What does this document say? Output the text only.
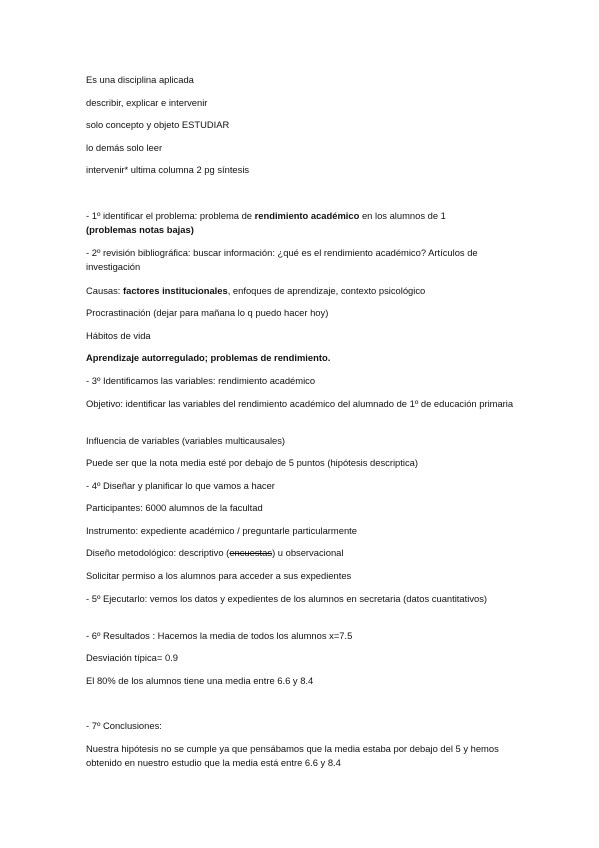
Es una disciplina aplicada
describir, explicar e intervenir
solo concepto y objeto ESTUDIAR
lo demás solo leer
intervenir* ultima columna 2 pg síntesis
- 1º identificar el problema: problema de rendimiento académico en los alumnos de 1
(problemas notas bajas)
- 2º revisión bibliográfica: buscar información: ¿qué es el rendimiento académico? Artículos de investigación
Causas: factores institucionales, enfoques de aprendizaje, contexto psicológico
Procrastinación (dejar para mañana lo q puedo hacer hoy)
Hábitos de vida
Aprendizaje autorregulado; problemas de rendimiento.
- 3º Identificamos las variables: rendimiento académico
Objetivo: identificar las variables del rendimiento académico del alumnado de 1º de educación primaria
Influencia de variables (variables multicausales)
Puede ser que la nota media esté por debajo de 5 puntos (hipótesis descriptica)
- 4º Diseñar y planificar lo que vamos a hacer
Participantes: 6000 alumnos de la facultad
Instrumento: expediente académico / preguntarle particularmente
Diseño metodológico: descriptivo (encuestas) u observacional
Solicitar permiso a los alumnos para acceder a sus expedientes
- 5º Ejecutarlo: vemos los datos y expedientes de los alumnos en secretaria (datos cuantitativos)
- 6º Resultados : Hacemos la media de todos los alumnos x=7.5
Desviación típica= 0.9
El 80% de los alumnos tiene una media entre 6.6 y 8.4
- 7º Conclusiones:
Nuestra hipótesis no se cumple ya que pensábamos que la media estaba por debajo del 5 y hemos obtenido en nuestro estudio que la media está entre 6.6 y 8.4
